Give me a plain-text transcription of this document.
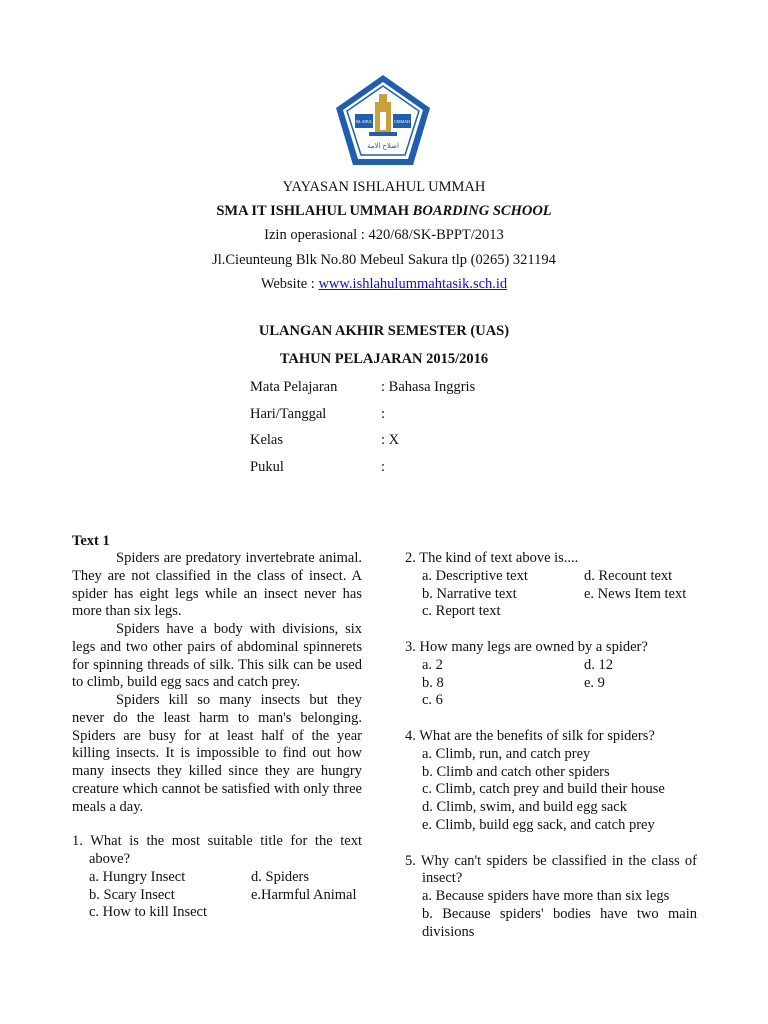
ISLAHUL	UMMAH
اصلاح الامة
YAYASAN ISHLAHUL UMMAH
SMA IT ISHLAHUL UMMAH BOARDING SCHOOL
Izin operasional : 420/68/SK-BPPT/2013
Jl.Cieunteung Blk No.80 Mebeul Sakura tlp (0265) 321194
Website : www.ishlahulummahtasik.sch.id
ULANGAN AKHIR SEMESTER (UAS)
TAHUN PELAJARAN 2015/2016
Mata Pelajaran	: Bahasa Inggris
Hari/Tanggal	:
Kelas	: X
Pukul	:
Text 1

Spiders are predatory invertebrate animal. They are not classified in the class of insect. A spider has eight legs while an insect never has more than six legs.

Spiders have a body with divisions, six legs and two other pairs of abdominal spinnerets for spinning threads of silk. This silk can be used to climb, build egg sacs and catch prey.

Spiders kill so many insects but they never do the least harm to man's belonging. Spiders are busy for at least half of the year killing insects. It is impossible to find out how many insects they killed since they are hungry creature which cannot be satisfied with only three meals a day.

1. What is the most suitable title for the text above?
a. Hungry Insect	d. Spiders
b. Scary Insect	e.Harmful Animal
c. How to kill Insect
2. The kind of text above is....
a. Descriptive text	d. Recount text
b. Narrative text	e. News Item text
c. Report text
3. How many legs are owned by a spider?
a. 2	d. 12
b. 8	e. 9
c. 6
4. What are the benefits of silk for spiders?
a. Climb, run, and catch prey
b. Climb and catch other spiders
c. Climb, catch prey and build their house
d. Climb, swim, and build egg sack
e. Climb, build egg sack, and catch prey
5. Why can't spiders be classified in the class of insect?
a. Because spiders have more than six legs
b. Because spiders' bodies have two main divisions
